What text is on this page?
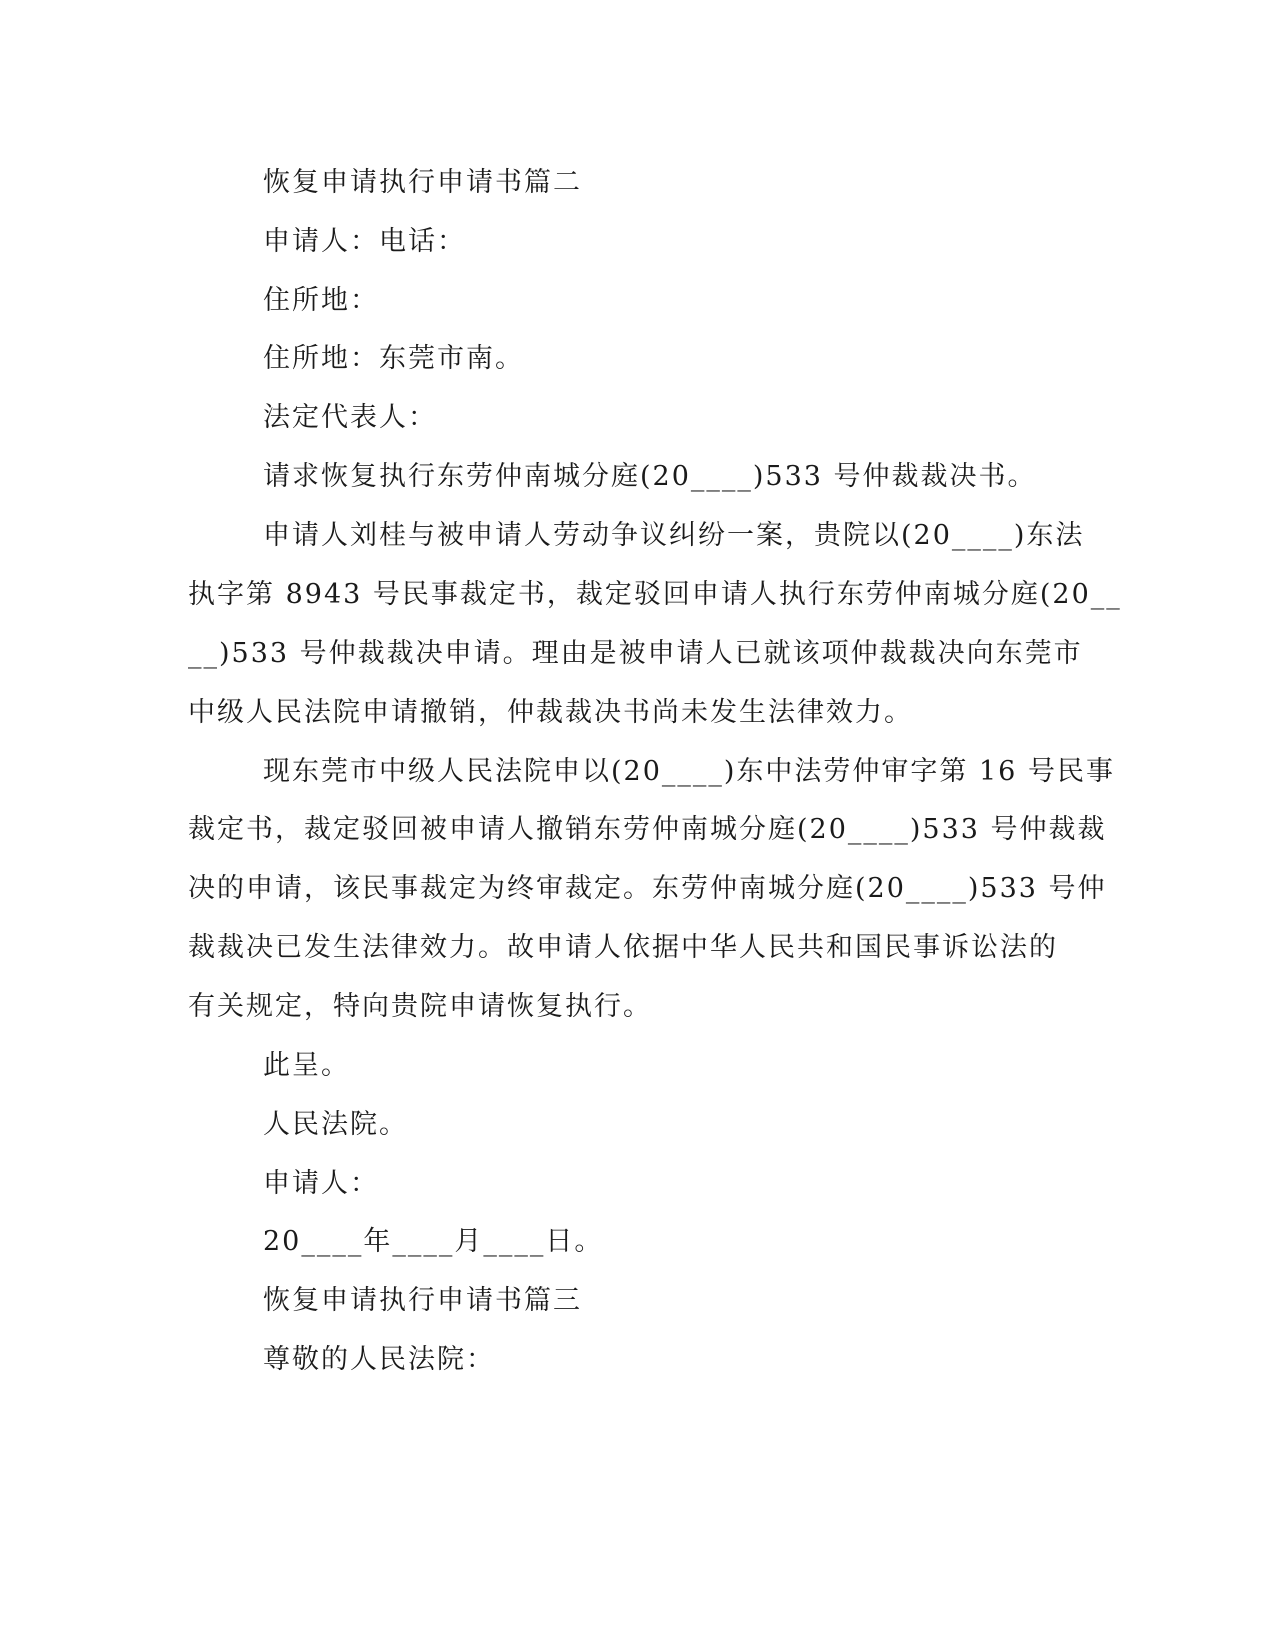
恢复申请执行申请书篇二
申请人：电话：
住所地：
住所地：东莞市南。
法定代表人：
请求恢复执行东劳仲南城分庭(20____)533 号仲裁裁决书。
申请人刘桂与被申请人劳动争议纠纷一案，贵院以(20____)东法
执字第 8943 号民事裁定书，裁定驳回申请人执行东劳仲南城分庭(20__
__)533 号仲裁裁决申请。理由是被申请人已就该项仲裁裁决向东莞市
中级人民法院申请撤销，仲裁裁决书尚未发生法律效力。
现东莞市中级人民法院申以(20____)东中法劳仲审字第 16 号民事
裁定书，裁定驳回被申请人撤销东劳仲南城分庭(20____)533 号仲裁裁
决的申请，该民事裁定为终审裁定。东劳仲南城分庭(20____)533 号仲
裁裁决已发生法律效力。故申请人依据中华人民共和国民事诉讼法的
有关规定，特向贵院申请恢复执行。
此呈。
人民法院。
申请人：
20____年____月____日。
恢复申请执行申请书篇三
尊敬的人民法院：
